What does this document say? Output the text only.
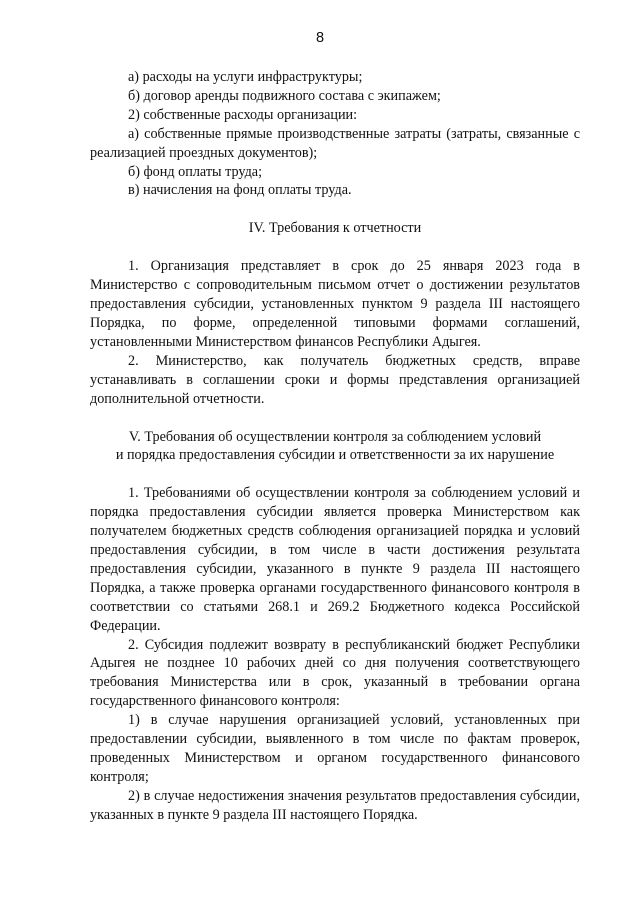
8

а) расходы на услуги инфраструктуры;

б) договор аренды подвижного состава с экипажем;

2) собственные расходы организации:

а) собственные прямые производственные затраты (затраты, связанные с реализацией проездных документов);

б) фонд оплаты труда;

в) начисления на фонд оплаты труда.

IV. Требования к отчетности

1. Организация представляет в срок до 25 января 2023 года в Министерство с сопроводительным письмом отчет о достижении результатов предоставления субсидии, установленных пунктом 9 раздела III настоящего Порядка, по форме, определенной типовыми формами соглашений, установленными Министерством финансов Республики Адыгея.

2. Министерство, как получатель бюджетных средств, вправе устанавливать в соглашении сроки и формы представления организацией дополнительной отчетности.

V. Требования об осуществлении контроля за соблюдением условий

и порядка предоставления субсидии и ответственности за их нарушение

1. Требованиями об осуществлении контроля за соблюдением условий и порядка предоставления субсидии является проверка Министерством как получателем бюджетных средств соблюдения организацией порядка и условий предоставления субсидии, в том числе в части достижения результата предоставления субсидии, указанного в пункте 9 раздела III настоящего Порядка, а также проверка органами государственного финансового контроля в соответствии со статьями 268.1 и 269.2 Бюджетного кодекса Российской Федерации.

2. Субсидия подлежит возврату в республиканский бюджет Республики Адыгея не позднее 10 рабочих дней со дня получения соответствующего требования Министерства или в срок, указанный в требовании органа государственного финансового контроля:

1) в случае нарушения организацией условий, установленных при предоставлении субсидии, выявленного в том числе по фактам проверок, проведенных Министерством и органом государственного финансового контроля;

2) в случае недостижения значения результатов предоставления субсидии, указанных в пункте 9 раздела III настоящего Порядка.
